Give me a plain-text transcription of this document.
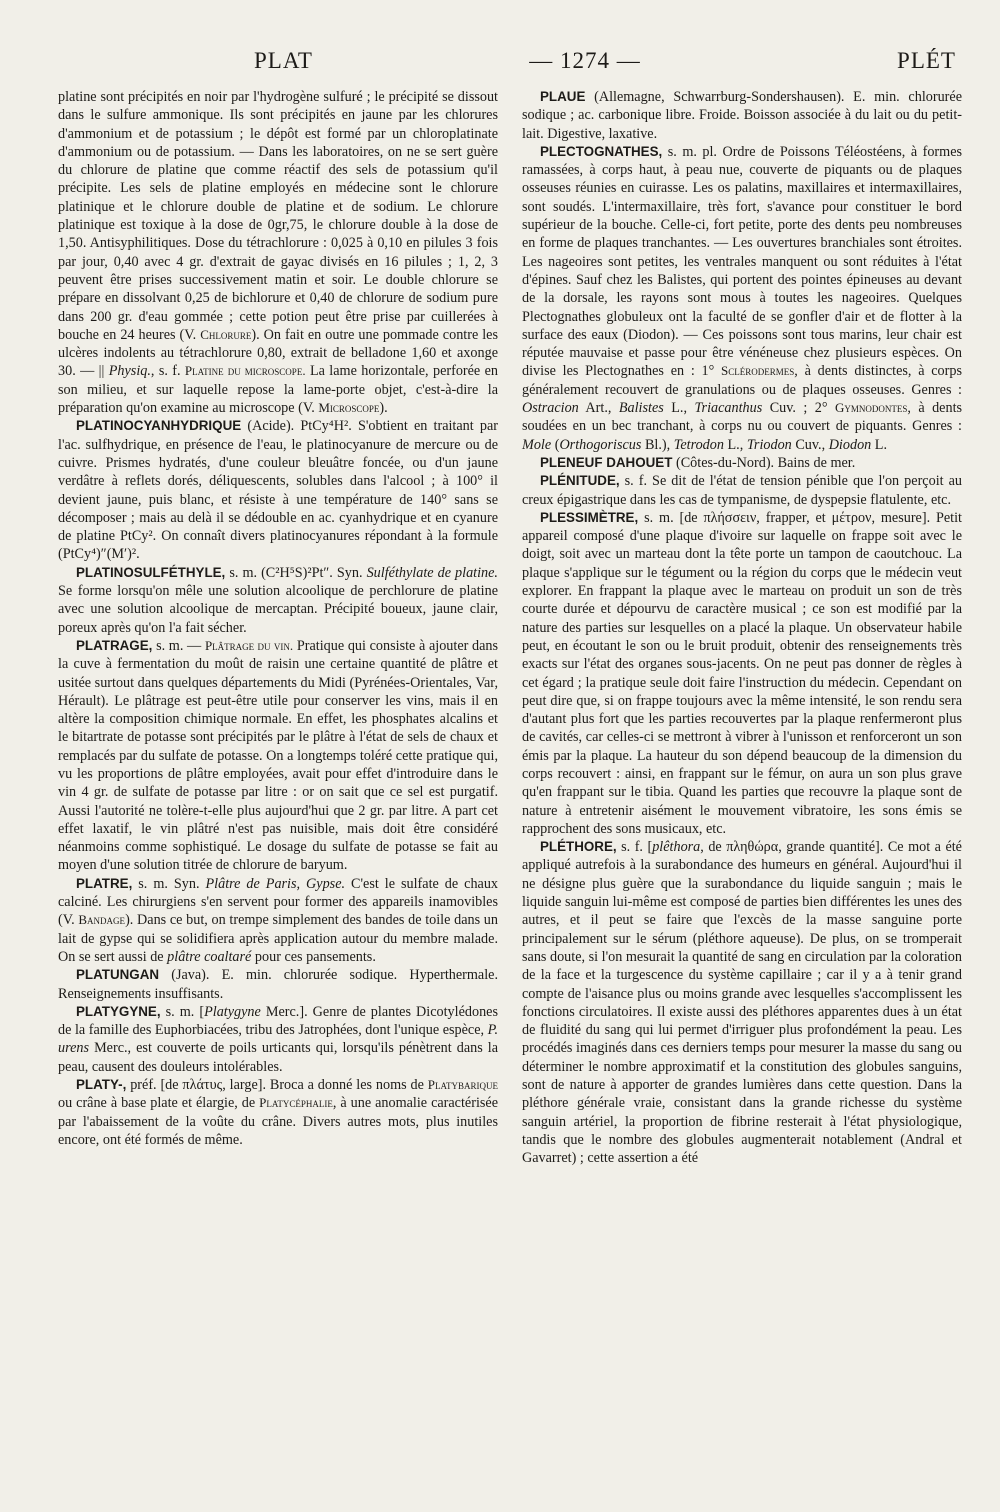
PLAT	— 1274 —	PLÉT

platine sont précipités en noir par l'hydrogène sulfuré ; le précipité se dissout dans le sulfure ammonique. Ils sont précipités en jaune par les chlorures d'ammonium et de potassium ; le dépôt est formé par un chloroplatinate d'ammonium ou de potassium. — Dans les laboratoires, on ne se sert guère du chlorure de platine que comme réactif des sels de potassium qu'il précipite. Les sels de platine employés en médecine sont le chlorure platinique et le chlorure double de platine et de sodium. Le chlorure platinique est toxique à la dose de 0gr,75, le chlorure double à la dose de 1,50. Antisyphilitiques. Dose du tétrachlorure : 0,025 à 0,10 en pilules 3 fois par jour, 0,40 avec 4 gr. d'extrait de gayac divisés en 16 pilules ; 1, 2, 3 peuvent être prises successivement matin et soir. Le double chlorure se prépare en dissolvant 0,25 de bichlorure et 0,40 de chlorure de sodium pure dans 200 gr. d'eau gommée ; cette potion peut être prise par cuillerées à bouche en 24 heures (V. Chlorure). On fait en outre une pommade contre les ulcères indolents au tétrachlorure 0,80, extrait de belladone 1,60 et axonge 30. — || Physiq., s. f. Platine du microscope. La lame horizontale, perforée en son milieu, et sur laquelle repose la lame-porte objet, c'est-à-dire la préparation qu'on examine au microscope (V. Microscope).

PLATINOCYANHYDRIQUE (Acide). PtCy⁴H². S'obtient en traitant par l'ac. sulfhydrique, en présence de l'eau, le platinocyanure de mercure ou de cuivre. Prismes hydratés, d'une couleur bleuâtre foncée, ou d'un jaune verdâtre à reflets dorés, déliquescents, solubles dans l'alcool ; à 100° il devient jaune, puis blanc, et résiste à une température de 140° sans se décomposer ; mais au delà il se dédouble en ac. cyanhydrique et en cyanure de platine PtCy². On connaît divers platinocyanures répondant à la formule (PtCy⁴)″(M′)².

PLATINOSULFÉTHYLE, s. m. (C²H⁵S)²Pt″. Syn. Sulféthylate de platine. Se forme lorsqu'on mêle une solution alcoolique de perchlorure de platine avec une solution alcoolique de mercaptan. Précipité boueux, jaune clair, poreux après qu'on l'a fait sécher.

PLATRAGE, s. m. — Plâtrage du vin. Pratique qui consiste à ajouter dans la cuve à fermentation du moût de raisin une certaine quantité de plâtre et usitée surtout dans quelques départements du Midi (Pyrénées-Orientales, Var, Hérault). Le plâtrage est peut-être utile pour conserver les vins, mais il en altère la composition chimique normale. En effet, les phosphates alcalins et le bitartrate de potasse sont précipités par le plâtre à l'état de sels de chaux et remplacés par du sulfate de potasse. On a longtemps toléré cette pratique qui, vu les proportions de plâtre employées, avait pour effet d'introduire dans le vin 4 gr. de sulfate de potasse par litre : or on sait que ce sel est purgatif. Aussi l'autorité ne tolère-t-elle plus aujourd'hui que 2 gr. par litre. A part cet effet laxatif, le vin plâtré n'est pas nuisible, mais doit être considéré néanmoins comme sophistiqué. Le dosage du sulfate de potasse se fait au moyen d'une solution titrée de chlorure de baryum.

PLATRE, s. m. Syn. Plâtre de Paris, Gypse. C'est le sulfate de chaux calciné. Les chirurgiens s'en servent pour former des appareils inamovibles (V. Bandage). Dans ce but, on trempe simplement des bandes de toile dans un lait de gypse qui se solidifiera après application autour du membre malade. On se sert aussi de plâtre coaltaré pour ces pansements.

PLATUNGAN (Java). E. min. chlorurée sodique. Hyperthermale. Renseignements insuffisants.

PLATYGYNE, s. m. [Platygyne Merc.]. Genre de plantes Dicotylédones de la famille des Euphorbiacées, tribu des Jatrophées, dont l'unique espèce, P. urens Merc., est couverte de poils urticants qui, lorsqu'ils pénètrent dans la peau, causent des douleurs intolérables.

PLATY-, préf. [de πλάτυς, large]. Broca a donné les noms de Platybarique ou crâne à base plate et élargie, de Platycéphalie, à une anomalie caractérisée par l'abaissement de la voûte du crâne. Divers autres mots, plus inutiles encore, ont été formés de même.

PLAUE (Allemagne, Schwarrburg-Sondershausen). E. min. chlorurée sodique ; ac. carbonique libre. Froide. Boisson associée à du lait ou du petit-lait. Digestive, laxative.

PLECTOGNATHES, s. m. pl. Ordre de Poissons Téléostéens, à formes ramassées, à corps haut, à peau nue, couverte de piquants ou de plaques osseuses réunies en cuirasse. Les os palatins, maxillaires et intermaxillaires, sont soudés. L'intermaxillaire, très fort, s'avance pour constituer le bord supérieur de la bouche. Celle-ci, fort petite, porte des dents peu nombreuses en forme de plaques tranchantes. — Les ouvertures branchiales sont étroites. Les nageoires sont petites, les ventrales manquent ou sont réduites à l'état d'épines. Sauf chez les Balistes, qui portent des pointes épineuses au devant de la dorsale, les rayons sont mous à toutes les nageoires. Quelques Plectognathes globuleux ont la faculté de se gonfler d'air et de flotter à la surface des eaux (Diodon). — Ces poissons sont tous marins, leur chair est réputée mauvaise et passe pour être vénéneuse chez plusieurs espèces. On divise les Plectognathes en : 1° Sclérodermes, à dents distinctes, à corps généralement recouvert de granulations ou de plaques osseuses. Genres : Ostracion Art., Balistes L., Triacanthus Cuv. ; 2° Gymnodontes, à dents soudées en un bec tranchant, à corps nu ou couvert de piquants. Genres : Mole (Orthogoriscus Bl.), Tetrodon L., Triodon Cuv., Diodon L.

PLENEUF DAHOUET (Côtes-du-Nord). Bains de mer.

PLÉNITUDE, s. f. Se dit de l'état de tension pénible que l'on perçoit au creux épigastrique dans les cas de tympanisme, de dyspepsie flatulente, etc.

PLESSIMÈTRE, s. m. [de πλήσσειν, frapper, et μέτρον, mesure]. Petit appareil composé d'une plaque d'ivoire sur laquelle on frappe soit avec le doigt, soit avec un marteau dont la tête porte un tampon de caoutchouc. La plaque s'applique sur le tégument ou la région du corps que le médecin veut explorer. En frappant la plaque avec le marteau on produit un son de très courte durée et dépourvu de caractère musical ; ce son est modifié par la nature des parties sur lesquelles on a placé la plaque. Un observateur habile peut, en écoutant le son ou le bruit produit, obtenir des renseignements très exacts sur l'état des organes sous-jacents. On ne peut pas donner de règles à cet égard ; la pratique seule doit faire l'instruction du médecin. Cependant on peut dire que, si on frappe toujours avec la même intensité, le son rendu sera d'autant plus fort que les parties recouvertes par la plaque renfermeront plus de cavités, car celles-ci se mettront à vibrer à l'unisson et renforceront un son émis par la plaque. La hauteur du son dépend beaucoup de la dimension du corps recouvert : ainsi, en frappant sur le fémur, on aura un son plus grave qu'en frappant sur le tibia. Quand les parties que recouvre la plaque sont de nature à entretenir aisément le mouvement vibratoire, les sons émis se rapprochent des sons musicaux, etc.

PLÉTHORE, s. f. [plêthora, de πληθώρα, grande quantité]. Ce mot a été appliqué autrefois à la surabondance des humeurs en général. Aujourd'hui il ne désigne plus guère que la surabondance du liquide sanguin ; mais le liquide sanguin lui-même est composé de parties bien différentes les unes des autres, et il peut se faire que l'excès de la masse sanguine porte principalement sur le sérum (pléthore aqueuse). De plus, on se tromperait sans doute, si l'on mesurait la quantité de sang en circulation par la coloration de la face et la turgescence du système capillaire ; car il y a à tenir grand compte de l'aisance plus ou moins grande avec lesquelles s'accomplissent les fonctions circulatoires. Il existe aussi des pléthores apparentes dues à un état de fluidité du sang qui lui permet d'irriguer plus profondément la peau. Les procédés imaginés dans ces derniers temps pour mesurer la masse du sang ou déterminer le nombre approximatif et la constitution des globules sanguins, sont de nature à apporter de grandes lumières dans cette question. Dans la pléthore générale vraie, consistant dans la grande richesse du système sanguin artériel, la proportion de fibrine resterait à l'état physiologique, tandis que le nombre des globules augmenterait notablement (Andral et Gavarret) ; cette assertion a été
